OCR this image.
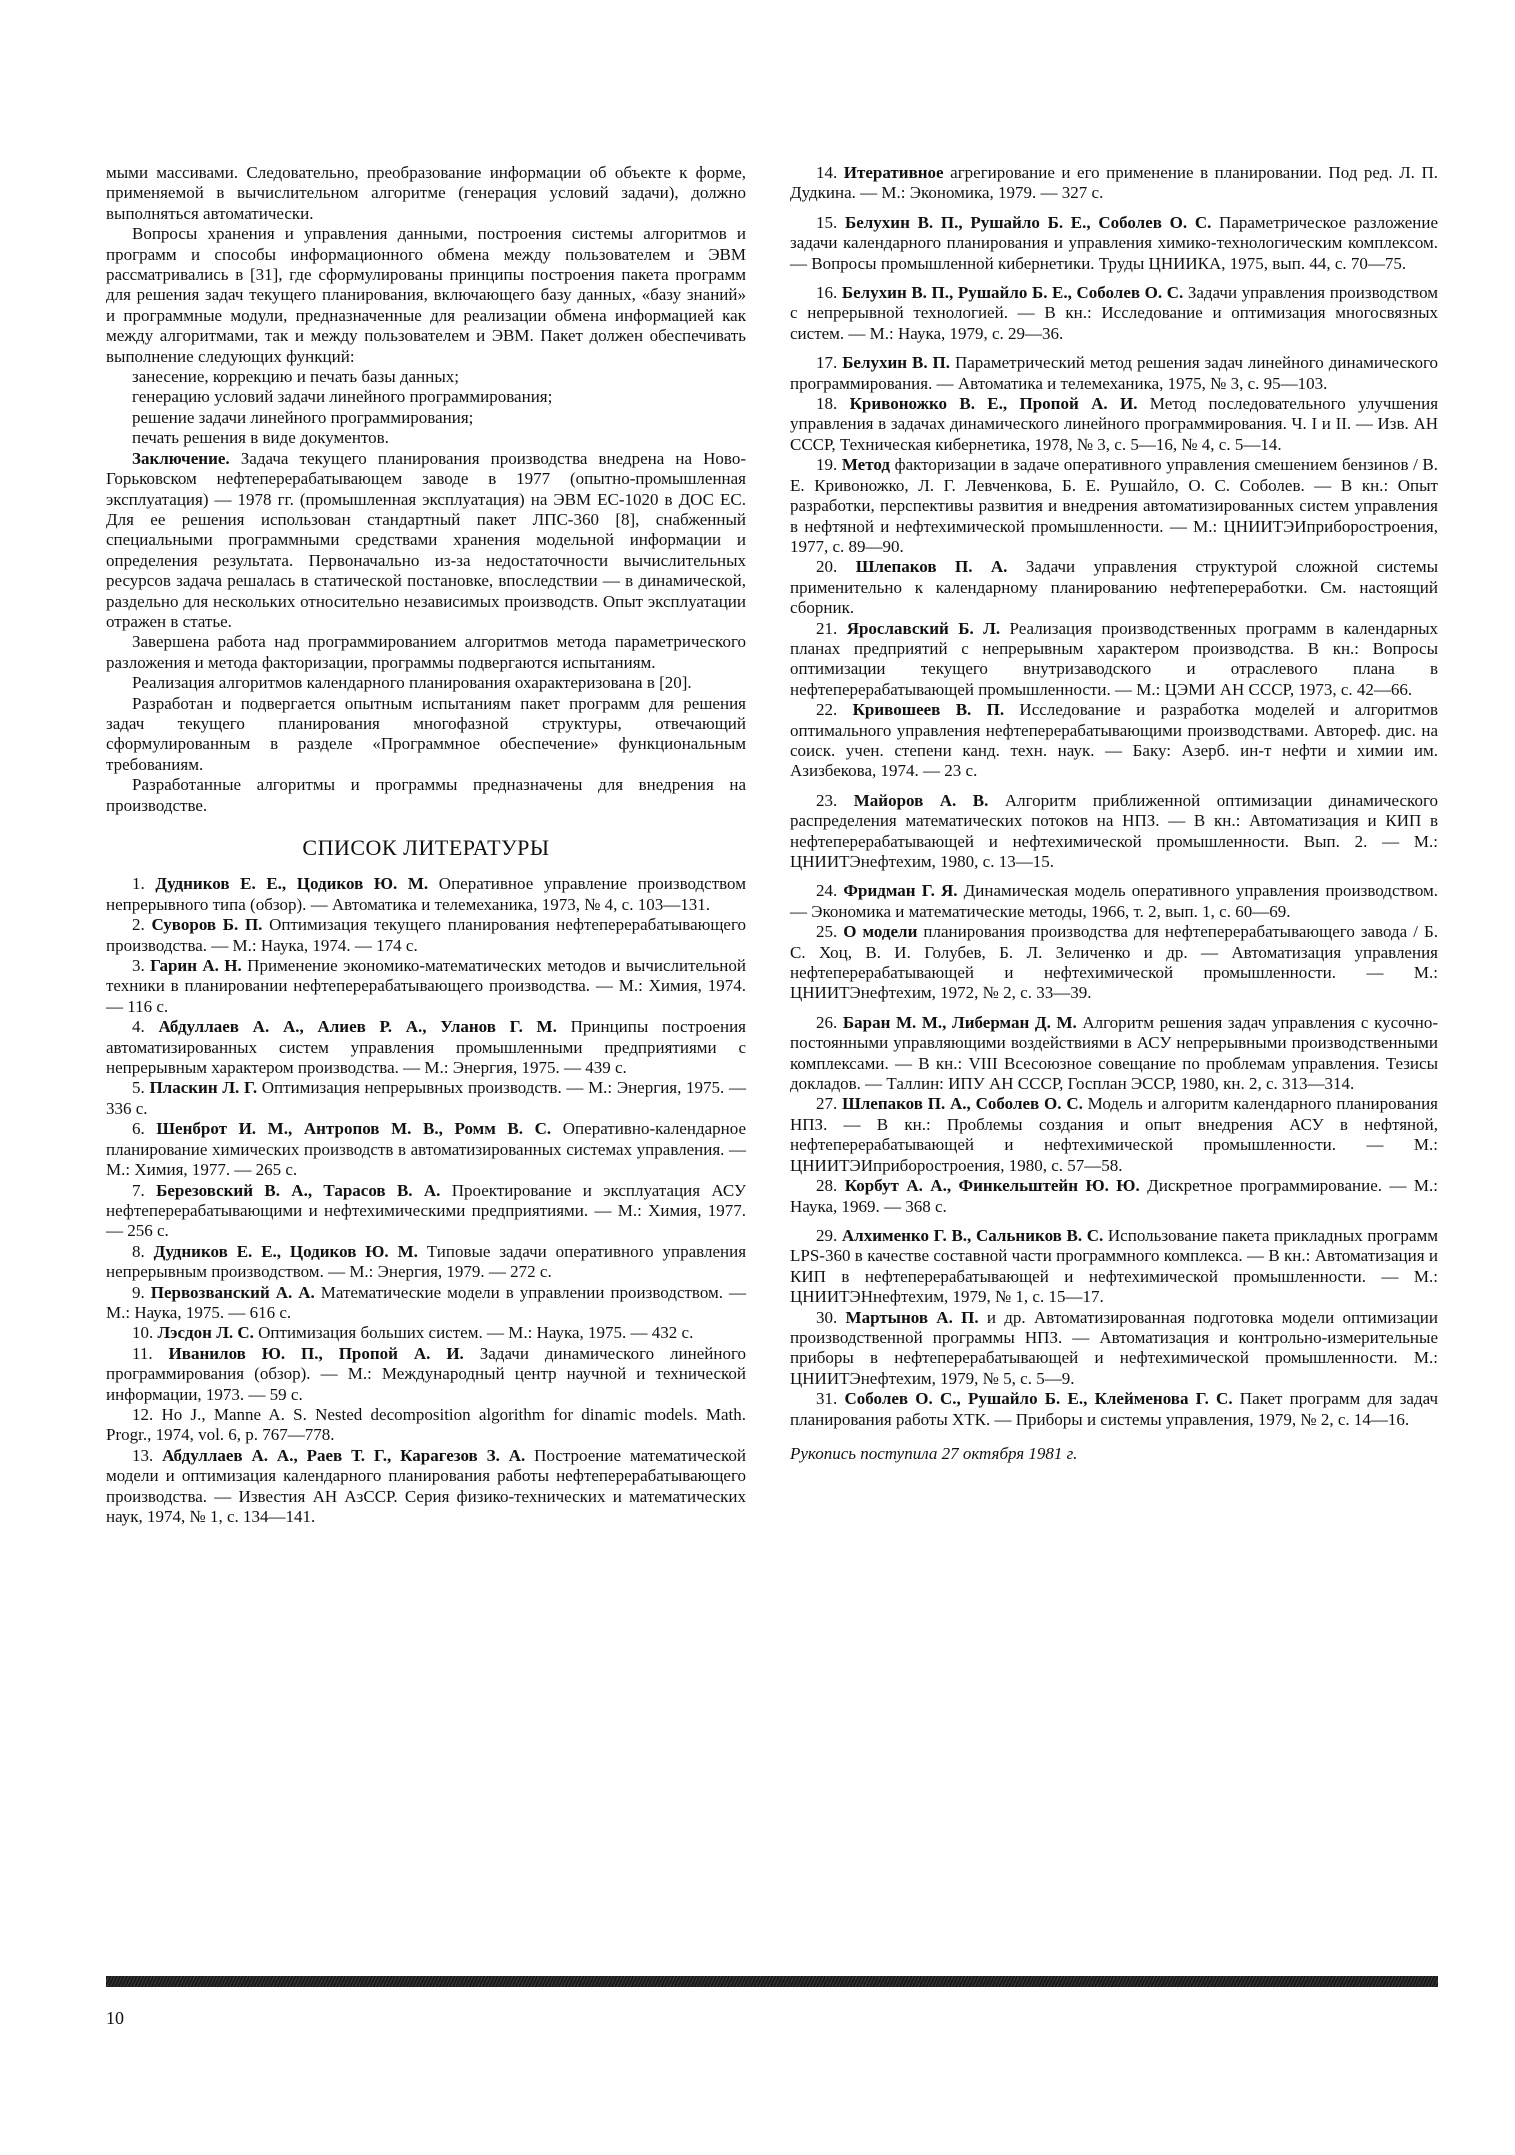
мыми массивами. Следовательно, преобразование информации об объекте к форме, применяемой в вычислительном алгоритме (генерация условий задачи), должно выполняться автоматически.

Вопросы хранения и управления данными, построения системы алгоритмов и программ и способы информационного обмена между пользователем и ЭВМ рассматривались в [31], где сформулированы принципы построения пакета программ для решения задач текущего планирования, включающего базу данных, «базу знаний» и программные модули, предназначенные для реализации обмена информацией как между алгоритмами, так и между пользователем и ЭВМ. Пакет должен обеспечивать выполнение следующих функций:

занесение, коррекцию и печать базы данных;

генерацию условий задачи линейного программирования;

решение задачи линейного программирования;

печать решения в виде документов.

Заключение. Задача текущего планирования производства внедрена на Ново-Горьковском нефтеперерабатывающем заводе в 1977 (опытно-промышленная эксплуатация) — 1978 гг. (промышленная эксплуатация) на ЭВМ ЕС-1020 в ДОС ЕС. Для ее решения использован стандартный пакет ЛПС-360 [8], снабженный специальными программными средствами хранения модельной информации и определения результата. Первоначально из-за недостаточности вычислительных ресурсов задача решалась в статической постановке, впоследствии — в динамической, раздельно для нескольких относительно независимых производств. Опыт эксплуатации отражен в статье.

Завершена работа над программированием алгоритмов метода параметрического разложения и метода факторизации, программы подвергаются испытаниям.

Реализация алгоритмов календарного планирования охарактеризована в [20].

Разработан и подвергается опытным испытаниям пакет программ для решения задач текущего планирования многофазной структуры, отвечающий сформулированным в разделе «Программное обеспечение» функциональным требованиям.

Разработанные алгоритмы и программы предназначены для внедрения на производстве.

СПИСОК ЛИТЕРАТУРЫ

1. Дудников Е. Е., Цодиков Ю. М. Оперативное управление производством непрерывного типа (обзор). — Автоматика и телемеханика, 1973, № 4, с. 103—131.

2. Суворов Б. П. Оптимизация текущего планирования нефтеперерабатывающего производства. — М.: Наука, 1974. — 174 с.

3. Гарин А. Н. Применение экономико-математических методов и вычислительной техники в планировании нефтеперерабатывающего производства. — М.: Химия, 1974. — 116 с.

4. Абдуллаев А. А., Алиев Р. А., Уланов Г. М. Принципы построения автоматизированных систем управления промышленными предприятиями с непрерывным характером производства. — М.: Энергия, 1975. — 439 с.

5. Пласкин Л. Г. Оптимизация непрерывных производств. — М.: Энергия, 1975. — 336 с.

6. Шенброт И. М., Антропов М. В., Ромм В. С. Оперативно-календарное планирование химических производств в автоматизированных системах управления. — М.: Химия, 1977. — 265 с.

7. Березовский В. А., Тарасов В. А. Проектирование и эксплуатация АСУ нефтеперерабатывающими и нефтехимическими предприятиями. — М.: Химия, 1977. — 256 с.

8. Дудников Е. Е., Цодиков Ю. М. Типовые задачи оперативного управления непрерывным производством. — М.: Энергия, 1979. — 272 с.

9. Первозванский А. А. Математические модели в управлении производством. — М.: Наука, 1975. — 616 с.

10. Лэсдон Л. С. Оптимизация больших систем. — М.: Наука, 1975. — 432 с.

11. Иванилов Ю. П., Пропой А. И. Задачи динамического линейного программирования (обзор). — М.: Международный центр научной и технической информации, 1973. — 59 с.

12. Ho J., Manne A. S. Nested decomposition algorithm for dinamic models. Math. Progr., 1974, vol. 6, p. 767—778.

13. Абдуллаев А. А., Раев Т. Г., Карагезов З. А. Построение математической модели и оптимизация календарного планирования работы нефтеперерабатывающего производства. — Известия АН АзССР. Серия физико-технических и математических наук, 1974, № 1, с. 134—141.

14. Итеративное агрегирование и его применение в планировании. Под ред. Л. П. Дудкина. — М.: Экономика, 1979. — 327 с.

15. Белухин В. П., Рушайло Б. Е., Соболев О. С. Параметрическое разложение задачи календарного планирования и управления химико-технологическим комплексом. — Вопросы промышленной кибернетики. Труды ЦНИИКА, 1975, вып. 44, с. 70—75.

16. Белухин В. П., Рушайло Б. Е., Соболев О. С. Задачи управления производством с непрерывной технологией. — В кн.: Исследование и оптимизация многосвязных систем. — М.: Наука, 1979, с. 29—36.

17. Белухин В. П. Параметрический метод решения задач линейного динамического программирования. — Автоматика и телемеханика, 1975, № 3, с. 95—103.

18. Кривоножко В. Е., Пропой А. И. Метод последовательного улучшения управления в задачах динамического линейного программирования. Ч. I и II. — Изв. АН СССР, Техническая кибернетика, 1978, № 3, с. 5—16, № 4, с. 5—14.

19. Метод факторизации в задаче оперативного управления смешением бензинов / В. Е. Кривоножко, Л. Г. Левченкова, Б. Е. Рушайло, О. С. Соболев. — В кн.: Опыт разработки, перспективы развития и внедрения автоматизированных систем управления в нефтяной и нефтехимической промышленности. — М.: ЦНИИТЭИприборостроения, 1977, с. 89—90.

20. Шлепаков П. А. Задачи управления структурой сложной системы применительно к календарному планированию нефтепереработки. См. настоящий сборник.

21. Ярославский Б. Л. Реализация производственных программ в календарных планах предприятий с непрерывным характером производства. В кн.: Вопросы оптимизации текущего внутризаводского и отраслевого плана в нефтеперерабатывающей промышленности. — М.: ЦЭМИ АН СССР, 1973, с. 42—66.

22. Кривошеев В. П. Исследование и разработка моделей и алгоритмов оптимального управления нефтеперерабатывающими производствами. Автореф. дис. на соиск. учен. степени канд. техн. наук. — Баку: Азерб. ин-т нефти и химии им. Азизбекова, 1974. — 23 с.

23. Майоров А. В. Алгоритм приближенной оптимизации динамического распределения математических потоков на НПЗ. — В кн.: Автоматизация и КИП в нефтеперерабатывающей и нефтехимической промышленности. Вып. 2. — М.: ЦНИИТЭнефтехим, 1980, с. 13—15.

24. Фридман Г. Я. Динамическая модель оперативного управления производством. — Экономика и математические методы, 1966, т. 2, вып. 1, с. 60—69.

25. О модели планирования производства для нефтеперерабатывающего завода / Б. С. Хоц, В. И. Голубев, Б. Л. Зеличенко и др. — Автоматизация управления нефтеперерабатывающей и нефтехимической промышленности. — М.: ЦНИИТЭнефтехим, 1972, № 2, с. 33—39.

26. Баран М. М., Либерман Д. М. Алгоритм решения задач управления с кусочно-постоянными управляющими воздействиями в АСУ непрерывными производственными комплексами. — В кн.: VIII Всесоюзное совещание по проблемам управления. Тезисы докладов. — Таллин: ИПУ АН СССР, Госплан ЭССР, 1980, кн. 2, с. 313—314.

27. Шлепаков П. А., Соболев О. С. Модель и алгоритм календарного планирования НПЗ. — В кн.: Проблемы создания и опыт внедрения АСУ в нефтяной, нефтеперерабатывающей и нефтехимической промышленности. — М.: ЦНИИТЭИприборостроения, 1980, с. 57—58.

28. Корбут А. А., Финкельштейн Ю. Ю. Дискретное программирование. — М.: Наука, 1969. — 368 с.

29. Алхименко Г. В., Сальников В. С. Использование пакета прикладных программ LPS-360 в качестве составной части программного комплекса. — В кн.: Автоматизация и КИП в нефтеперерабатывающей и нефтехимической промышленности. — М.: ЦНИИТЭНнефтехим, 1979, № 1, с. 15—17.

30. Мартынов А. П. и др. Автоматизированная подготовка модели оптимизации производственной программы НПЗ. — Автоматизация и контрольно-измерительные приборы в нефтеперерабатывающей и нефтехимической промышленности. М.: ЦНИИТЭнефтехим, 1979, № 5, с. 5—9.

31. Соболев О. С., Рушайло Б. Е., Клейменова Г. С. Пакет программ для задач планирования работы ХТК. — Приборы и системы управления, 1979, № 2, с. 14—16.

Рукопись поступила 27 октября 1981 г.

10
